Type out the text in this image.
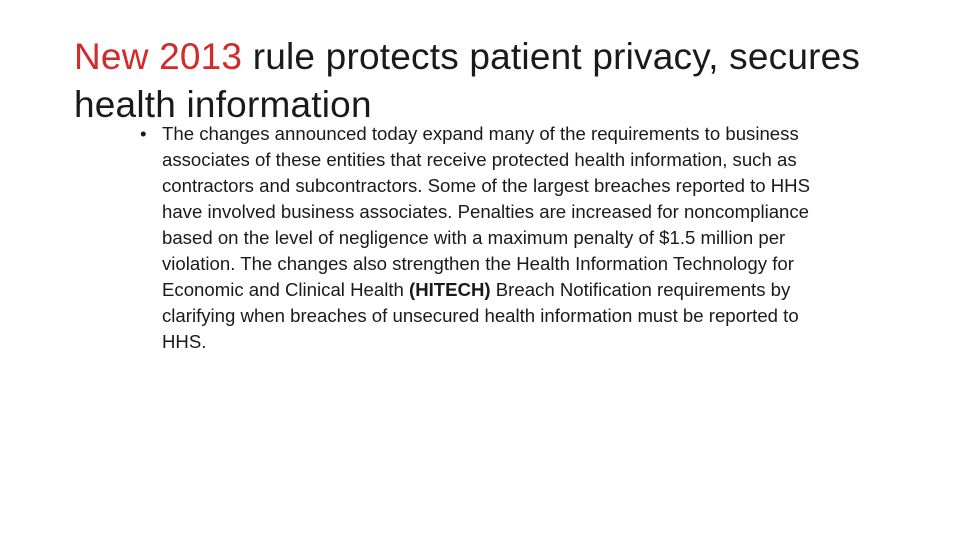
New 2013 rule protects patient privacy, secures health information

• The changes announced today expand many of the requirements to business associates of these entities that receive protected health information, such as contractors and subcontractors. Some of the largest breaches reported to HHS have involved business associates. Penalties are increased for noncompliance based on the level of negligence with a maximum penalty of $1.5 million per violation. The changes also strengthen the Health Information Technology for Economic and Clinical Health (HITECH) Breach Notification requirements by clarifying when breaches of unsecured health information must be reported to HHS.
